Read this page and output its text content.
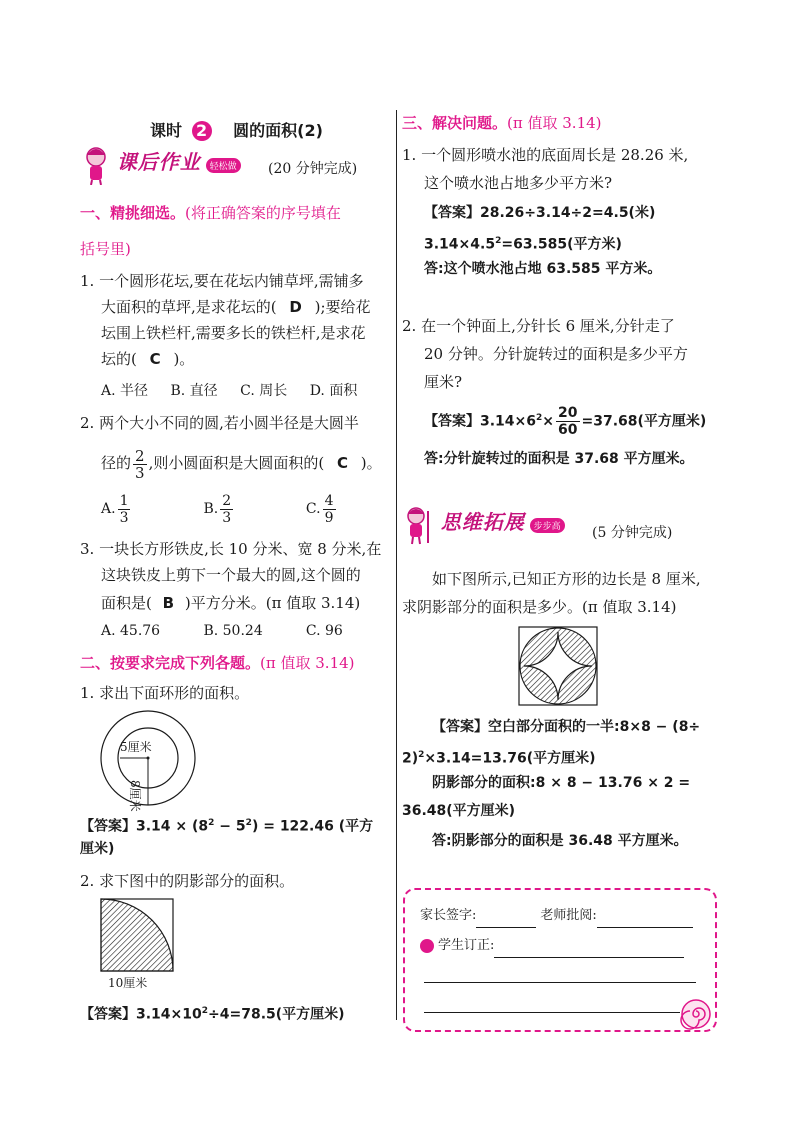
课时 2 圆的面积(2)
课后作业 轻松做 (20 分钟完成)
一、精挑细选。(将正确答案的序号填在
括号里)
1. 一个圆形花坛,要在花坛内铺草坪,需铺多
大面积的草坪,是求花坛的( D );要给花
坛围上铁栏杆,需要多长的铁栏杆,是求花
坛的( C )。
A. 半径 B. 直径 C. 周长 D. 面积
2. 两个大小不同的圆,若小圆半径是大圆半
径的 $\frac{2}{3}$ ,则小圆面积是大圆面积的( C )。
A. $\frac{1}{3}$	B. $\frac{2}{3}$	C. $\frac{4}{9}$
3. 一块长方形铁皮,长 10 分米、宽 8 分米,在
这块铁皮上剪下一个最大的圆,这个圆的
面积是( B )平方分米。(π 值取 3.14)
A. 45.76	B. 50.24	C. 96
二、按要求完成下列各题。(π 值取 3.14)
1. 求出下面环形的面积。
5厘米
8厘米
【答案】$3.14 \times (8^2 - 5^2) = 122.46$ (平方
厘米)
2. 求下图中的阴影部分的面积。
10厘米
【答案】$3.14\times 10^2\div 4=78.5$(平方厘米)
三、解决问题。(π 值取 3.14)
1. 一个圆形喷水池的底面周长是 28.26 米,
这个喷水池占地多少平方米?
【答案】28.26÷3.14÷2=4.5(米)
$3.14\times 4.5^2=63.585$(平方米)
答:这个喷水池占地 63.585 平方米。
2. 在一个钟面上,分针长 6 厘米,分针走了
20 分钟。分针旋转过的面积是多少平方
厘米?
【答案】$3.14\times 6^2\times \frac{20}{60} =37.68$(平方厘米)
答:分针旋转过的面积是 37.68 平方厘米。
思维拓展 步步高 (5 分钟完成)
如下图所示,已知正方形的边长是 8 厘米,
求阴影部分的面积是多少。(π 值取 3.14)
【答案】空白部分面积的一半:8×8 − (8÷
2)$^2$×3.14=13.76(平方厘米)
阴影部分的面积:8 × 8 − 13.76 × 2 =
36.48(平方厘米)
答:阴影部分的面积是 36.48 平方厘米。
家长签字:	老师批阅:
学生订正:
